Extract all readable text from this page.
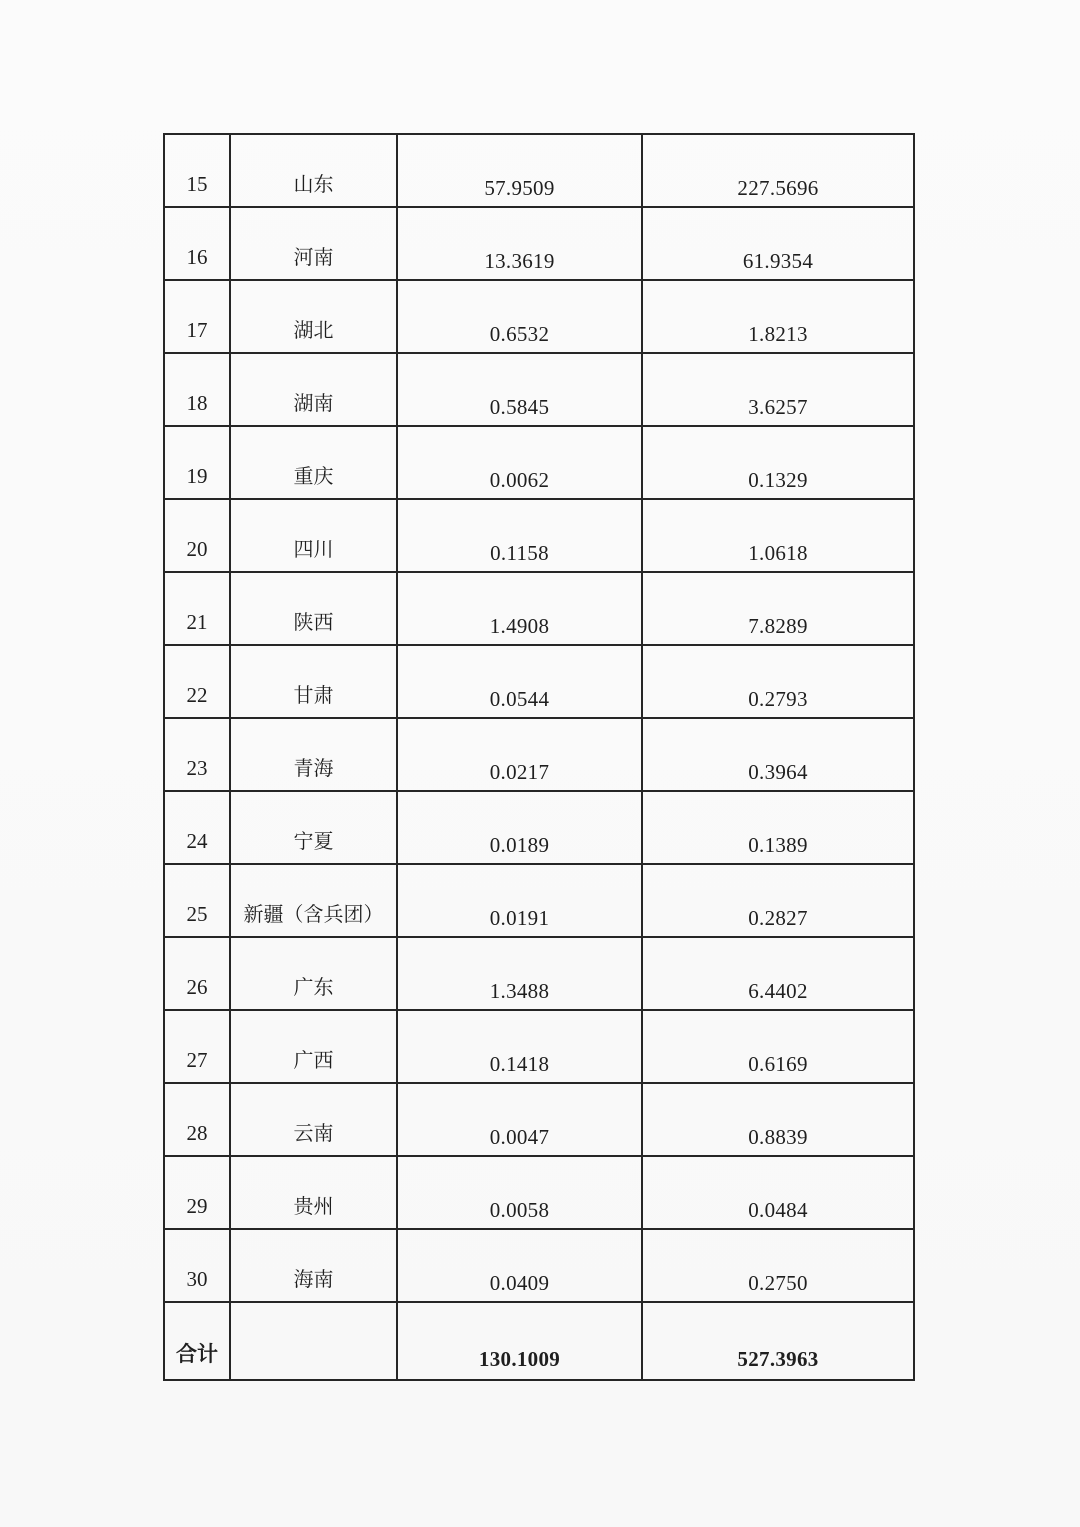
15	山东	57.9509	227.5696
16	河南	13.3619	61.9354
17	湖北	0.6532	1.8213
18	湖南	0.5845	3.6257
19	重庆	0.0062	0.1329
20	四川	0.1158	1.0618
21	陕西	1.4908	7.8289
22	甘肃	0.0544	0.2793
23	青海	0.0217	0.3964
24	宁夏	0.0189	0.1389
25	新疆（含兵团）	0.0191	0.2827
26	广东	1.3488	6.4402
27	广西	0.1418	0.6169
28	云南	0.0047	0.8839
29	贵州	0.0058	0.0484
30	海南	0.0409	0.2750
合计		130.1009	527.3963
